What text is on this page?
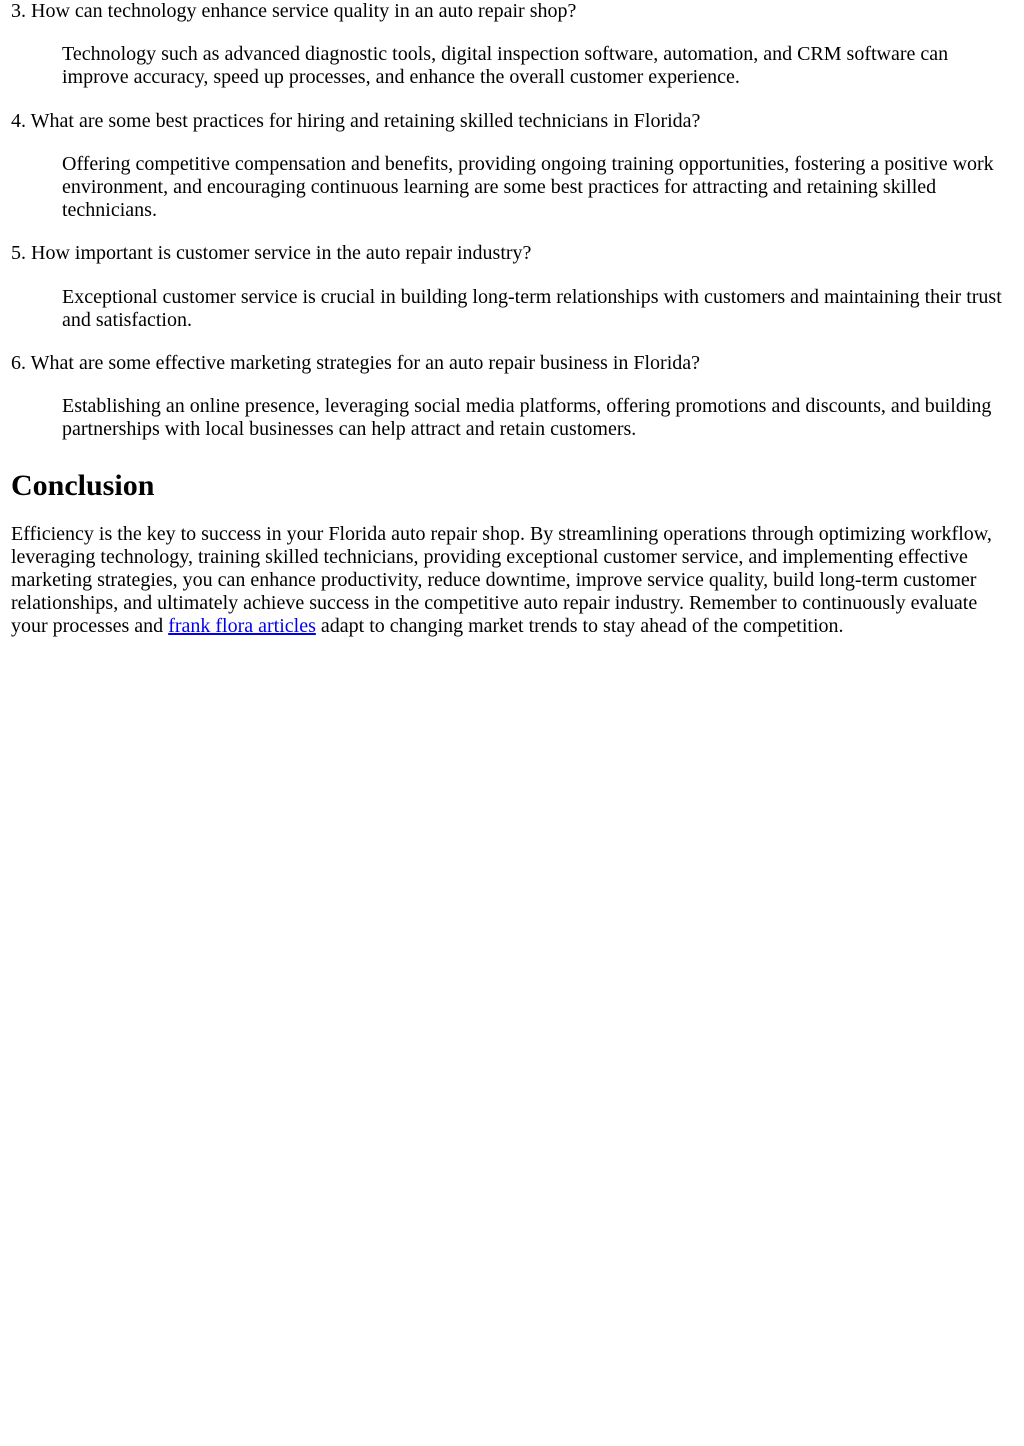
3. How can technology enhance service quality in an auto repair shop?

Technology such as advanced diagnostic tools, digital inspection software, automation, and CRM software can improve accuracy, speed up processes, and enhance the overall customer experience.

4. What are some best practices for hiring and retaining skilled technicians in Florida?

Offering competitive compensation and benefits, providing ongoing training opportunities, fostering a positive work environment, and encouraging continuous learning are some best practices for attracting and retaining skilled technicians.

5. How important is customer service in the auto repair industry?

Exceptional customer service is crucial in building long-term relationships with customers and maintaining their trust and satisfaction.

6. What are some effective marketing strategies for an auto repair business in Florida?

Establishing an online presence, leveraging social media platforms, offering promotions and discounts, and building partnerships with local businesses can help attract and retain customers.

Conclusion

Efficiency is the key to success in your Florida auto repair shop. By streamlining operations through optimizing workflow, leveraging technology, training skilled technicians, providing exceptional customer service, and implementing effective marketing strategies, you can enhance productivity, reduce downtime, improve service quality, build long-term customer relationships, and ultimately achieve success in the competitive auto repair industry. Remember to continuously evaluate your processes and frank flora articles adapt to changing market trends to stay ahead of the competition.
